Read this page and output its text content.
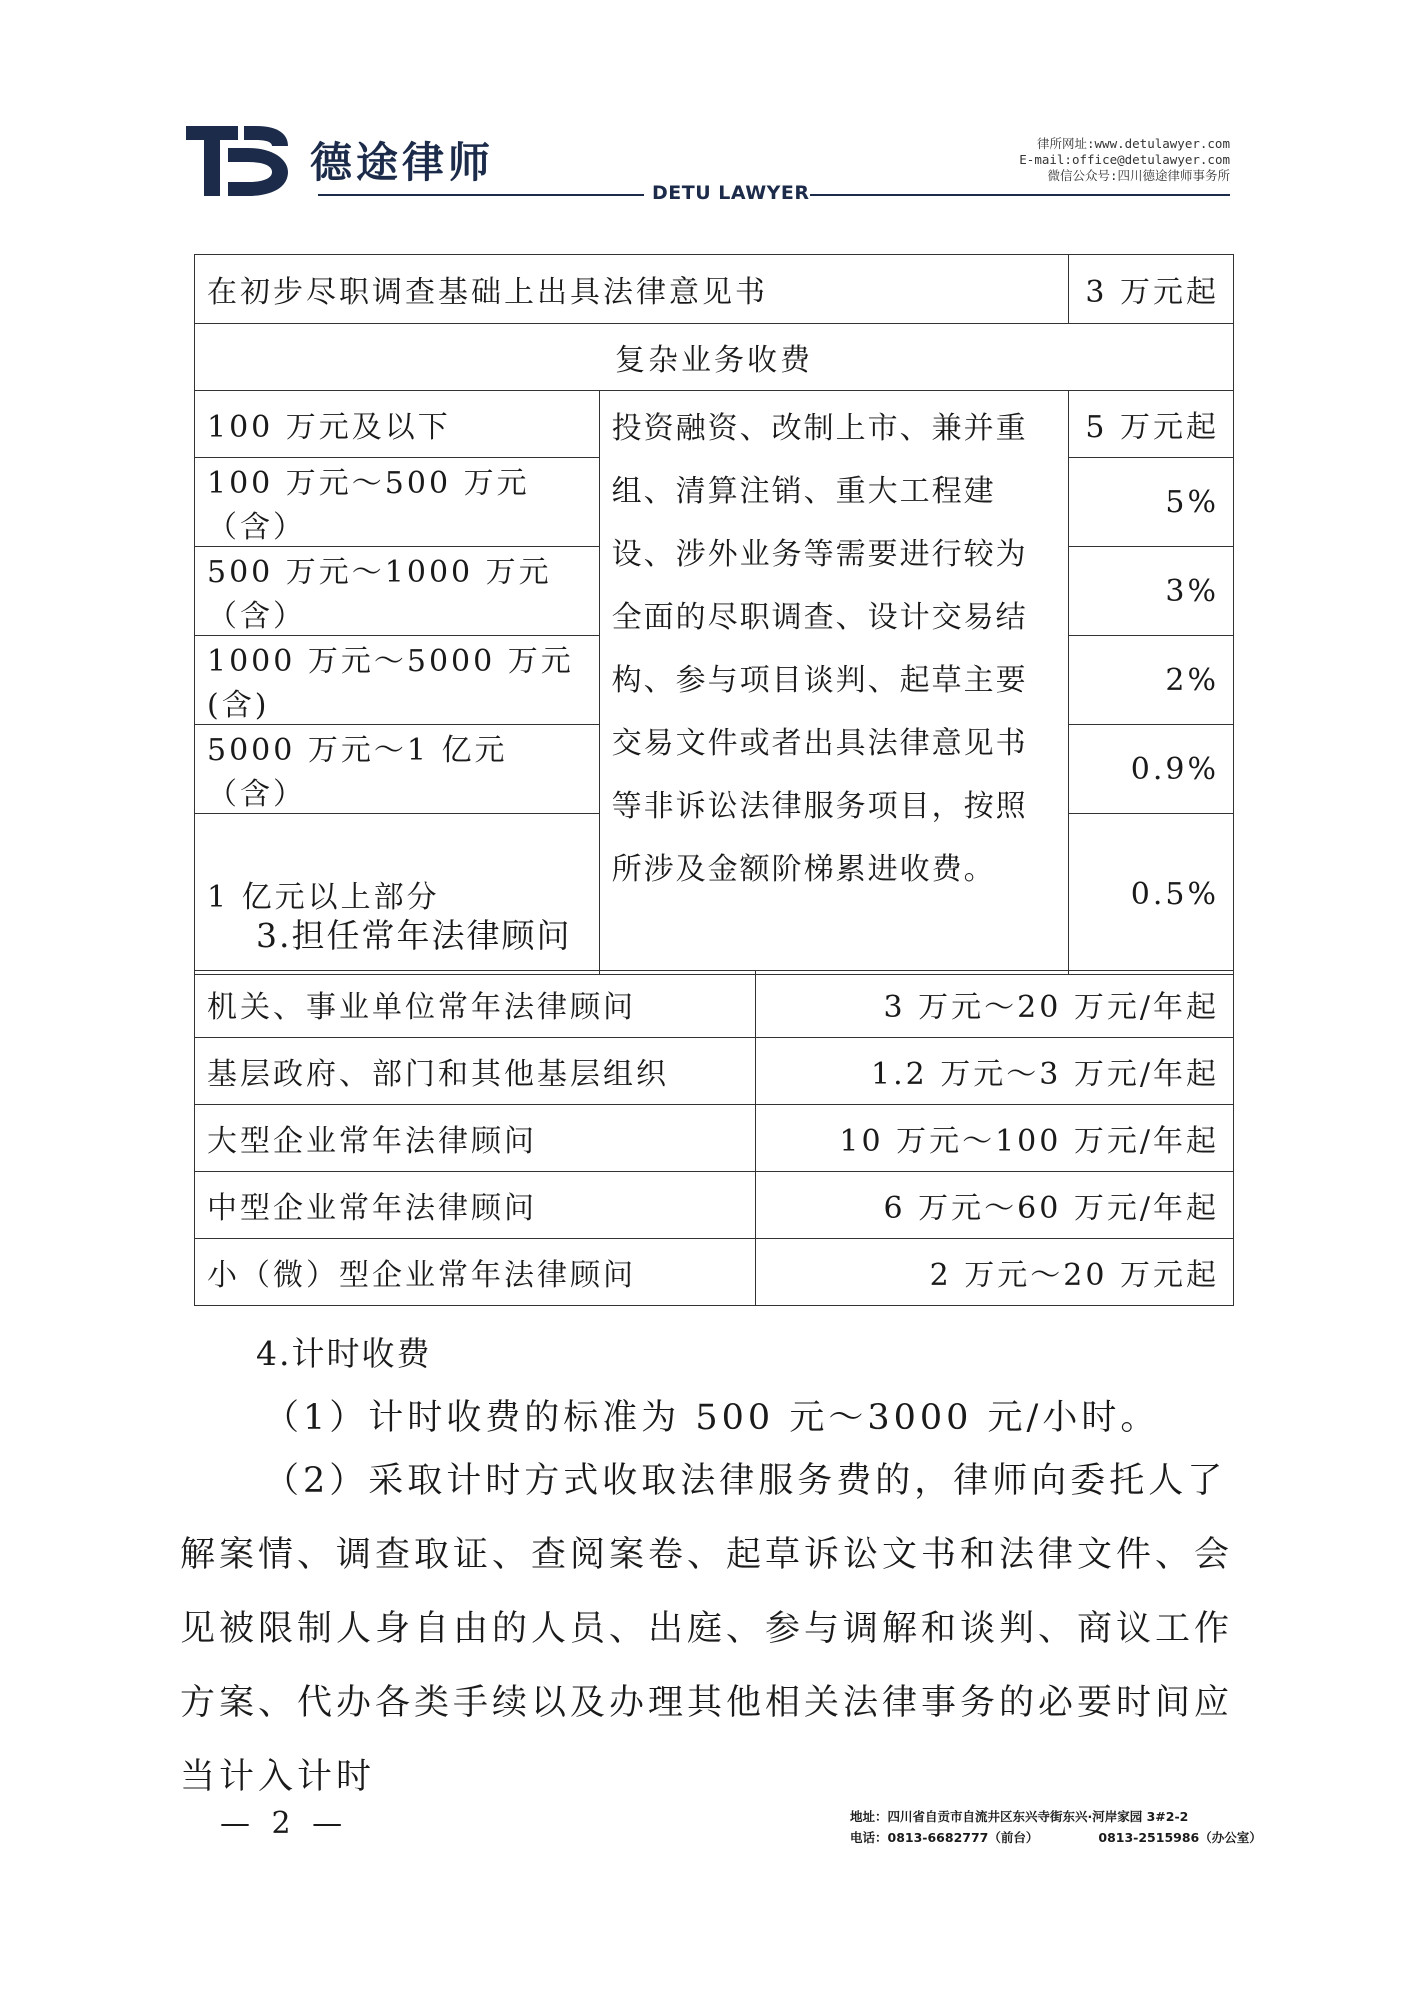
德途律师
DETU LAWYER
律所网址:www.detulawyer.com
E-mail:office@detulawyer.com
微信公众号:四川德途律师事务所
在初步尽职调查基础上出具法律意见书		3 万元起
复杂业务收费		
100 万元及以下	投资融资、改制上市、兼并重组、清算注销、重大工程建设、涉外业务等需要进行较为全面的尽职调查、设计交易结构、参与项目谈判、起草主要交易文件或者出具法律意见书等非诉讼法律服务项目，按照所涉及金额阶梯累进收费。	5 万元起
100 万元～500 万元（含）		5%
500 万元～1000 万元（含）		3%
1000 万元～5000 万元(含)		2%
5000 万元～1 亿元（含）		0.9%
1 亿元以上部分		0.5%
3.担任常年法律顾问
机关、事业单位常年法律顾问	3 万元～20 万元/年起
基层政府、部门和其他基层组织	1.2 万元～3 万元/年起
大型企业常年法律顾问	10 万元～100 万元/年起
中型企业常年法律顾问	6 万元～60 万元/年起
小（微）型企业常年法律顾问	2 万元～20 万元起
4.计时收费
（1）计时收费的标准为 500 元～3000 元/小时。
（2）采取计时方式收取法律服务费的，律师向委托人了解案情、调查取证、查阅案卷、起草诉讼文书和法律文件、会见被限制人身自由的人员、出庭、参与调解和谈判、商议工作方案、代办各类手续以及办理其他相关法律事务的必要时间应当计入计时
— 2 —	地址：四川省自贡市自流井区东兴寺街东兴·河岸家园 3#2-2
电话：0813-6682777（前台）	0813-2515986（办公室）
